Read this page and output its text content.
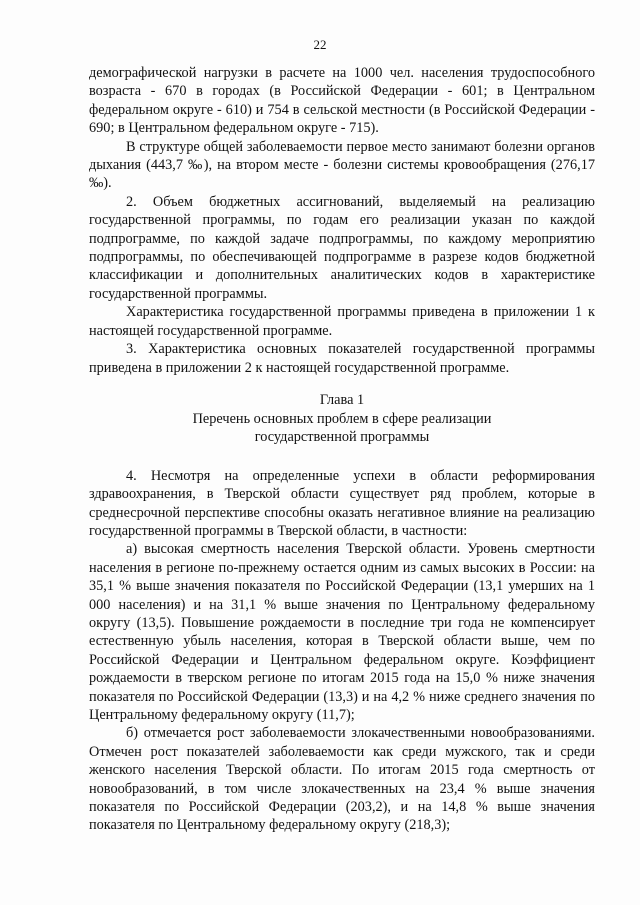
22

демографической нагрузки в расчете на 1000 чел. населения трудоспособного возраста - 670 в городах (в Российской Федерации - 601; в Центральном федеральном округе - 610) и 754 в сельской местности (в Российской Федерации - 690; в Центральном федеральном округе - 715).

В структуре общей заболеваемости первое место занимают болезни органов дыхания (443,7 ‰), на втором месте - болезни системы кровообращения (276,17 ‰).

2. Объем бюджетных ассигнований, выделяемый на реализацию государственной программы, по годам его реализации указан по каждой подпрограмме, по каждой задаче подпрограммы, по каждому мероприятию подпрограммы, по обеспечивающей подпрограмме в разрезе кодов бюджетной классификации и дополнительных аналитических кодов в характеристике государственной программы.

Характеристика государственной программы приведена в приложении 1 к настоящей государственной программе.

3. Характеристика основных показателей государственной программы приведена в приложении 2 к настоящей государственной программе.

Глава 1
Перечень основных проблем в сфере реализации
государственной программы

4. Несмотря на определенные успехи в области реформирования здравоохранения, в Тверской области существует ряд проблем, которые в среднесрочной перспективе способны оказать негативное влияние на реализацию государственной программы в Тверской области, в частности:

а) высокая смертность населения Тверской области. Уровень смертности населения в регионе по-прежнему остается одним из самых высоких в России: на 35,1 % выше значения показателя по Российской Федерации (13,1 умерших на 1 000 населения) и на 31,1 % выше значения по Центральному федеральному округу (13,5). Повышение рождаемости в последние три года не компенсирует естественную убыль населения, которая в Тверской области выше, чем по Российской Федерации и Центральном федеральном округе. Коэффициент рождаемости в тверском регионе по итогам 2015 года на 15,0 % ниже значения показателя по Российской Федерации (13,3) и на 4,2 % ниже среднего значения по Центральному федеральному округу (11,7);

б) отмечается рост заболеваемости злокачественными новообразованиями. Отмечен рост показателей заболеваемости как среди мужского, так и среди женского населения Тверской области. По итогам 2015 года смертность от новообразований, в том числе злокачественных на 23,4 % выше значения показателя по Российской Федерации (203,2), и на 14,8 % выше значения показателя по Центральному федеральному округу (218,3);
